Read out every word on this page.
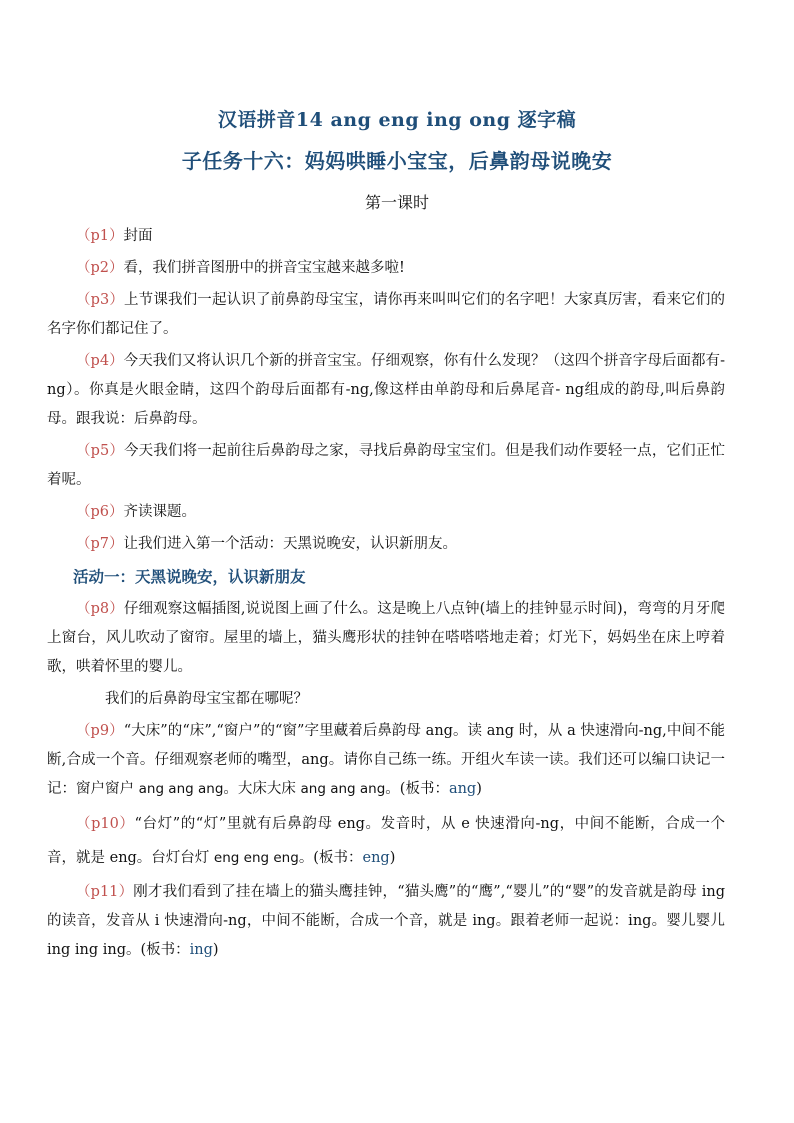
汉语拼音14 ang eng ing ong 逐字稿
子任务十六：妈妈哄睡小宝宝，后鼻韵母说晚安
第一课时

（p1）封面

（p2）看，我们拼音图册中的拼音宝宝越来越多啦!

（p3）上节课我们一起认识了前鼻韵母宝宝，请你再来叫叫它们的名字吧！大家真厉害，看来它们的名字你们都记住了。

（p4）今天我们又将认识几个新的拼音宝宝。仔细观察，你有什么发现？（这四个拼音字母后面都有-ng）。你真是火眼金睛，这四个韵母后面都有-ng,像这样由单韵母和后鼻尾音- ng组成的韵母,叫后鼻韵母。跟我说：后鼻韵母。

（p5）今天我们将一起前往后鼻韵母之家，寻找后鼻韵母宝宝们。但是我们动作要轻一点，它们正忙着呢。

（p6）齐读课题。

（p7）让我们进入第一个活动：天黑说晚安，认识新朋友。

活动一：天黑说晚安，认识新朋友

（p8）仔细观察这幅插图,说说图上画了什么。这是晚上八点钟(墙上的挂钟显示时间)，弯弯的月牙爬上窗台，风儿吹动了窗帘。屋里的墙上，猫头鹰形状的挂钟在嗒嗒嗒地走着；灯光下，妈妈坐在床上哼着歌，哄着怀里的婴儿。

我们的后鼻韵母宝宝都在哪呢？

（p9）“大床”的“床”,“窗户”的“窗”字里藏着后鼻韵母 ang。读 ang 时，从 a 快速滑向-ng,中间不能断,合成一个音。仔细观察老师的嘴型，ang。请你自己练一练。开组火车读一读。我们还可以编口诀记一记：窗户窗户 ang ang ang。大床大床 ang ang ang。(板书：ang)

（p10）“台灯”的“灯”里就有后鼻韵母 eng。发音时，从 e 快速滑向-ng，中间不能断，合成一个音，就是 eng。台灯台灯 eng eng eng。(板书：eng)

（p11）刚才我们看到了挂在墙上的猫头鹰挂钟，“猫头鹰”的“鹰”,“婴儿”的“婴”的发音就是韵母 ing 的读音，发音从 i 快速滑向-ng，中间不能断，合成一个音，就是 ing。跟着老师一起说：ing。婴儿婴儿 ing ing ing。(板书：ing)
